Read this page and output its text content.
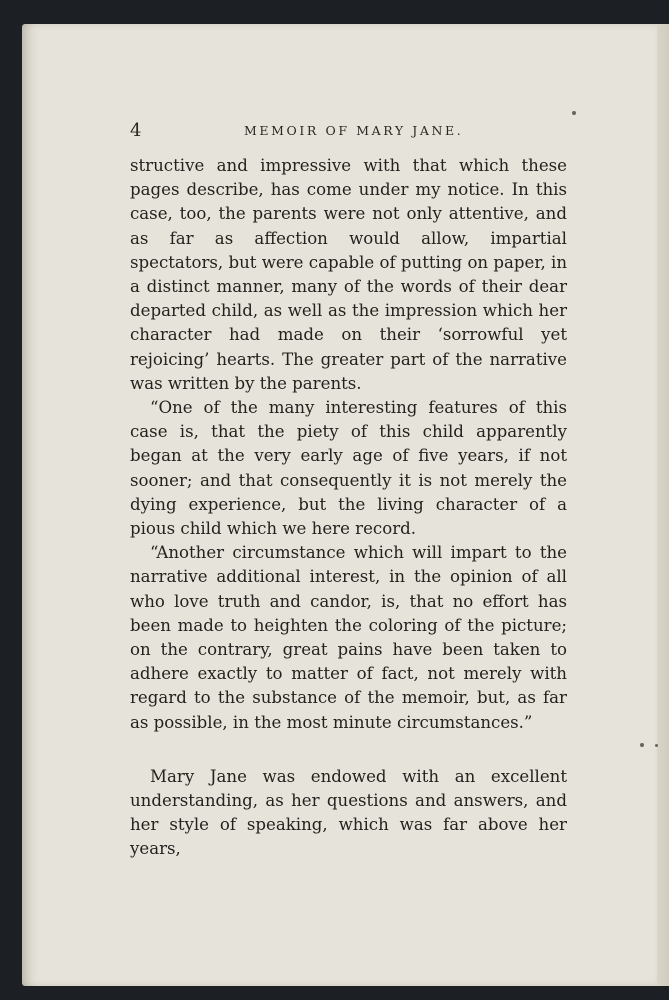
4	MEMOIR OF MARY JANE.

structive and impressive with that which these pages describe, has come under my notice. In this case, too, the parents were not only attentive, and as far as affection would allow, impartial spectators, but were capable of putting on paper, in a distinct manner, many of the words of their dear departed child, as well as the impression which her character had made on their ‘sorrowful yet rejoicing’ hearts. The greater part of the narrative was written by the parents.

“One of the many interesting features of this case is, that the piety of this child apparently began at the very early age of five years, if not sooner; and that consequently it is not merely the dying experience, but the living character of a pious child which we here record.

“Another circumstance which will impart to the narrative additional interest, in the opinion of all who love truth and candor, is, that no effort has been made to heighten the coloring of the picture; on the contrary, great pains have been taken to adhere exactly to matter of fact, not merely with regard to the substance of the memoir, but, as far as possible, in the most minute circumstances.”

Mary Jane was endowed with an excellent understanding, as her questions and answers, and her style of speaking, which was far above her years,
